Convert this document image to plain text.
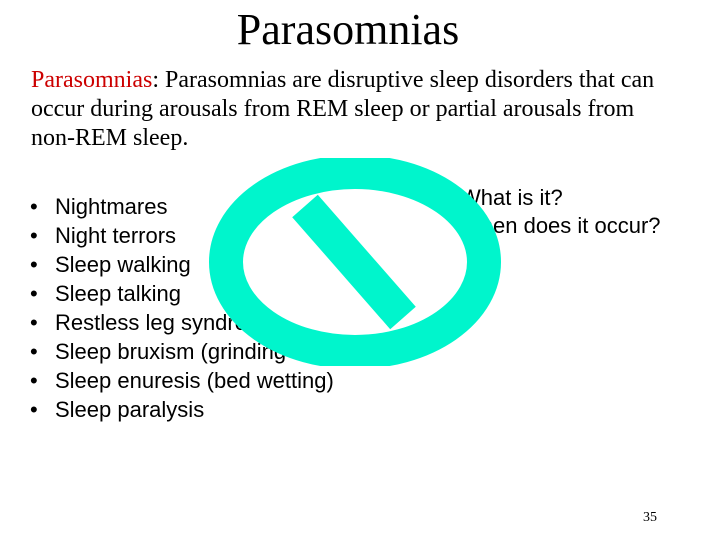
Parasomnias
Parasomnias: Parasomnias are disruptive sleep disorders that can occur during arousals from REM sleep or partial arousals from non-REM sleep.
• Nightmares
• Night terrors
• Sleep walking
• Sleep talking
• Restless leg syndrome
• Sleep bruxism (grinding teeth)
• Sleep enuresis (bed wetting)
• Sleep paralysis
What is it?
When does it occur?
35
